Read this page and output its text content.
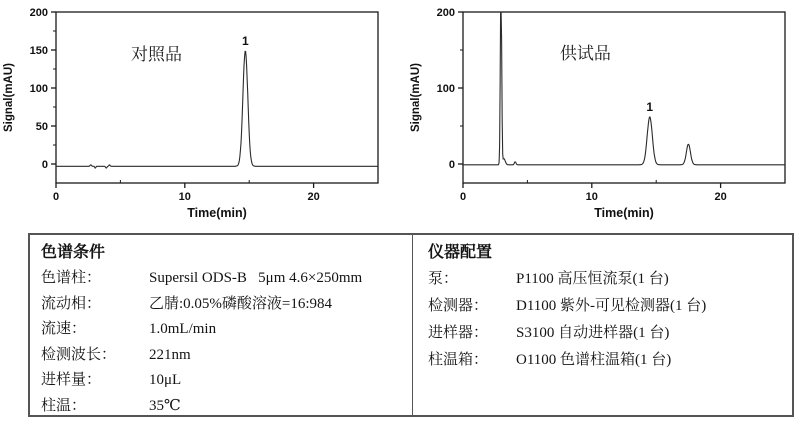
0	10	20
0
50
100
150
200
1
对照品
Time(min)
Signal(mAU)
0	10	20
0
100
200
1
供试品
Time(min)
Signal(mAU)
色谱条件
色谱柱：	Supersil ODS-B   5μm 4.6×250mm
流动相：	乙腈:0.05%磷酸溶液=16:984
流速：	1.0mL/min
检测波长：	221nm
进样量：	10μL
柱温：	35℃
仪器配置
泵：	P1100 高压恒流泵(1 台)
检测器：	D1100 紫外-可见检测器(1 台)
进样器：	S3100 自动进样器(1 台)
柱温箱：	O1100 色谱柱温箱(1 台)
